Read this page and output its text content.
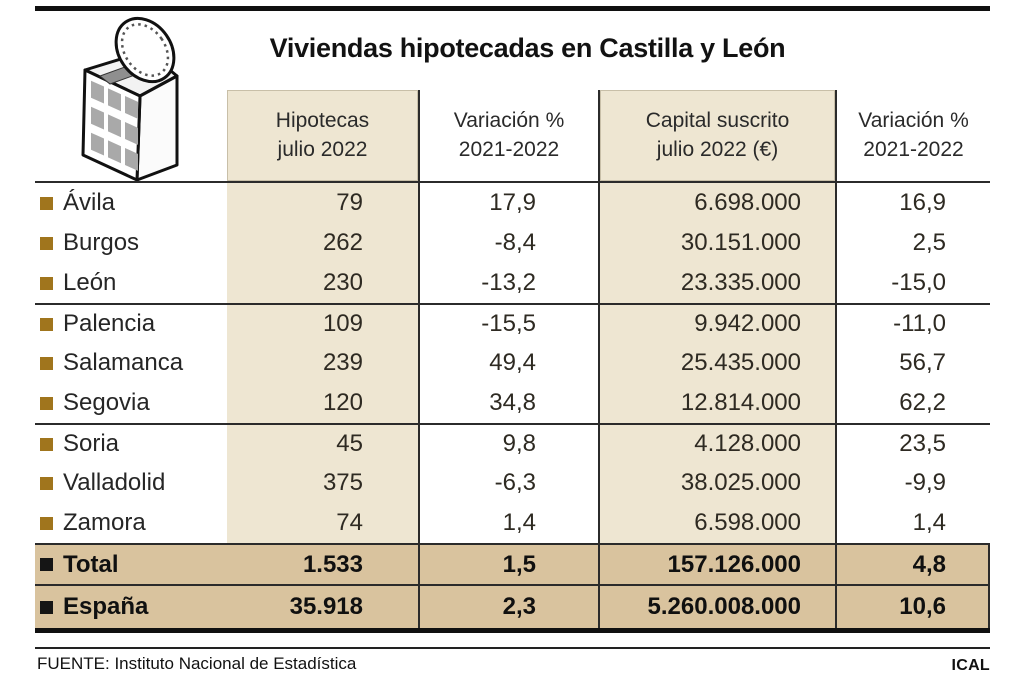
Viviendas hipotecadas en Castilla y León
Hipotecas
julio 2022
Variación %
2021-2022
Capital suscrito
julio 2022 (€)
Variación %
2021-2022
Ávila	79	17,9	6.698.000	16,9
Burgos	262	-8,4	30.151.000	2,5
León	230	-13,2	23.335.000	-15,0
Palencia	109	-15,5	9.942.000	-11,0
Salamanca	239	49,4	25.435.000	56,7
Segovia	120	34,8	12.814.000	62,2
Soria	45	9,8	4.128.000	23,5
Valladolid	375	-6,3	38.025.000	-9,9
Zamora	74	1,4	6.598.000	1,4
Total	1.533	1,5	157.126.000	4,8
España	35.918	2,3	5.260.008.000	10,6
FUENTE: Instituto Nacional de Estadística	ICAL
